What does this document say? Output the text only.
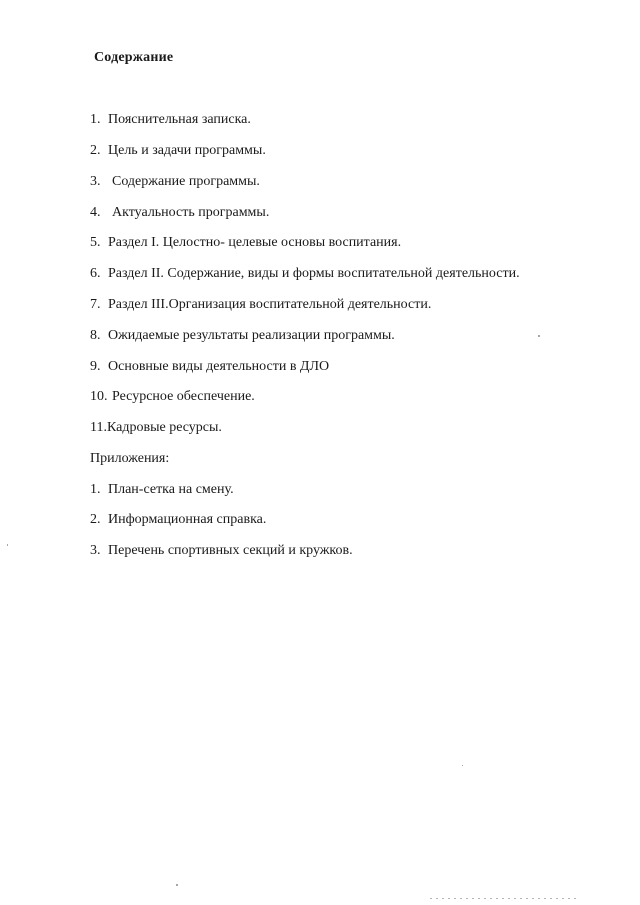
Содержание
1. Пояснительная записка.
2. Цель и задачи программы.
3. Содержание программы.
4. Актуальность программы.
5. Раздел I. Целостно- целевые основы воспитания.
6. Раздел II. Содержание, виды и формы воспитательной деятельности.
7. Раздел III.Организация воспитательной деятельности.
8. Ожидаемые результаты реализации программы.
9. Основные виды деятельности в ДЛО
10. Ресурсное обеспечение.
11.Кадровые ресурсы.
Приложения:
1. План-сетка на смену.
2. Информационная справка.
3. Перечень спортивных секций и кружков.
